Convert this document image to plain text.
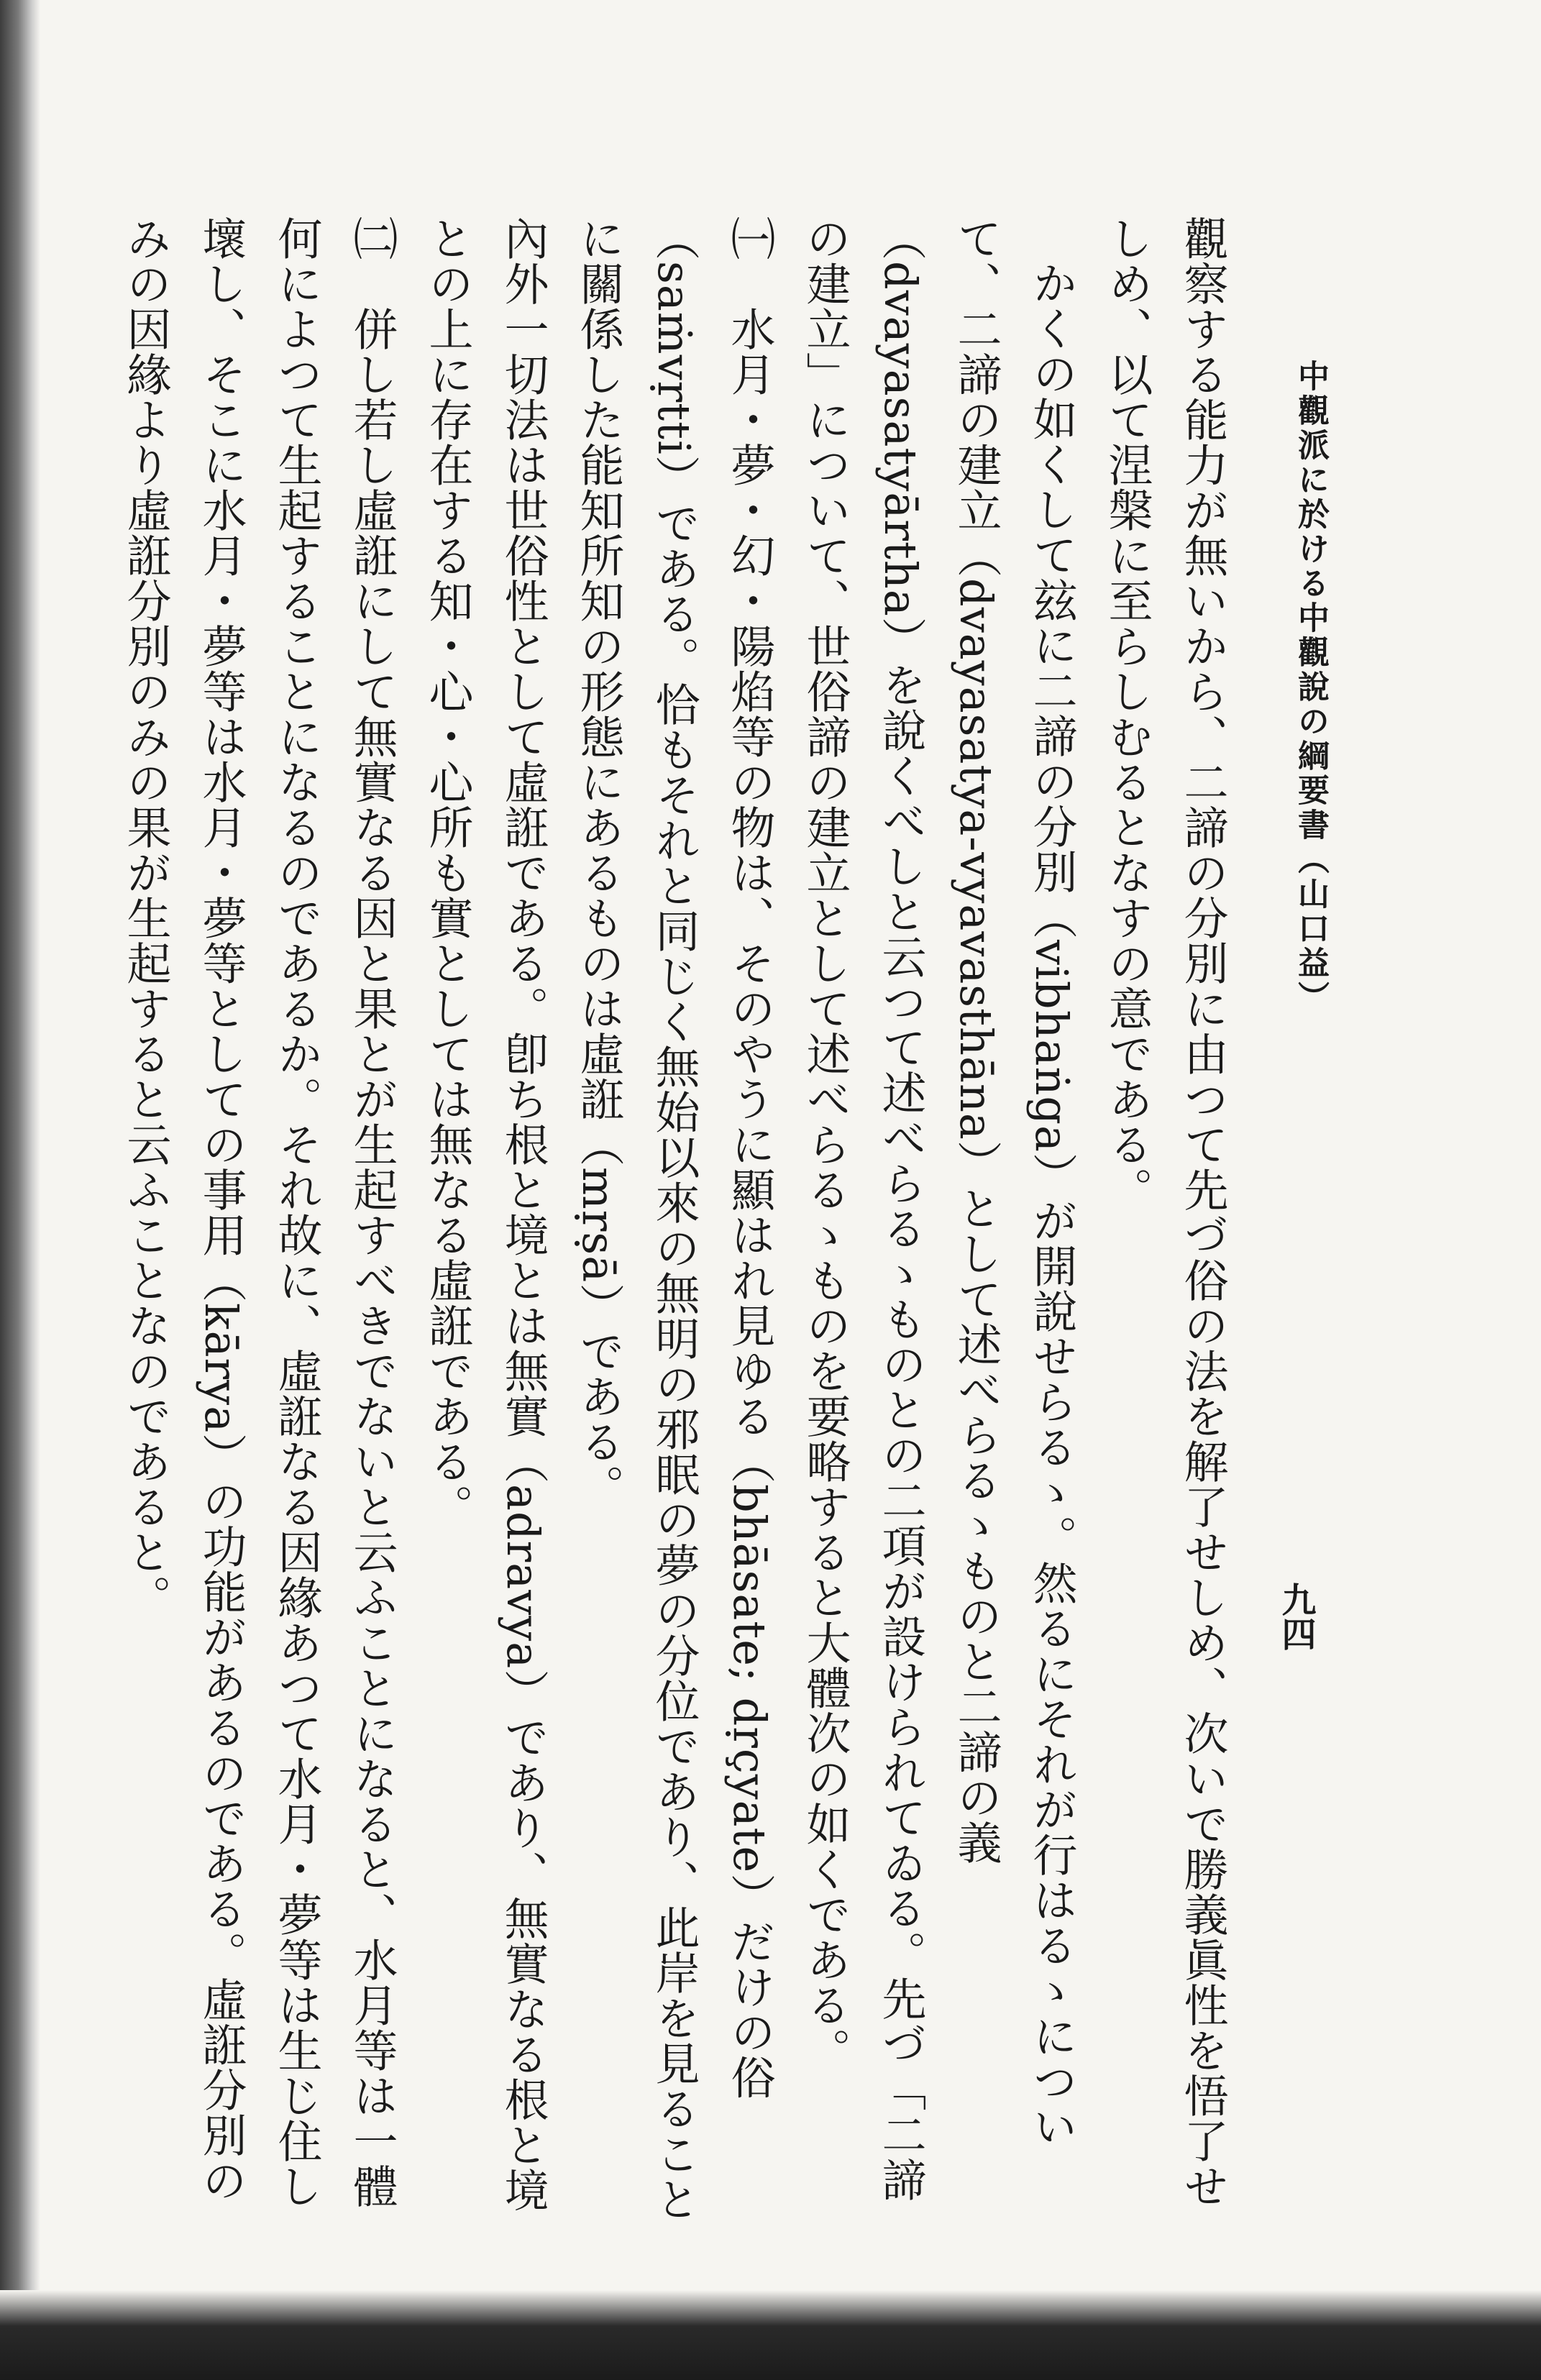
中觀派に於ける中觀說の綱要書（山口益）
九四
觀察する能力が無いから、二諦の分別に由つて先づ俗の法を解了せしめ、次いで勝義眞性を悟了せしめ、以て涅槃に至らしむるとなすの意である。
かくの如くして玆に二諦の分別（vibhaṅga）が開說せらるゝ。然るにそれが行はるゝについて、二諦の建立（dvayasatya-vyavasthāna）として述べらるゝものと二諦の義（dvayasatyārtha）を說くべしと云つて述べらるゝものとの二項が設けられてゐる。先づ「二諦の建立」について、世俗諦の建立として述べらるゝものを要略すると大體次の如くである。
㈠　水月・夢・幻・陽焰等の物は、そのやうに顯はれ見ゆる（bhāsate; dṛçyate）だけの俗（saṁvṛtti）である。恰もそれと同じく無始以來の無明の邪眠の夢の分位であり、此岸を見ることに關係した能知所知の形態にあるものは虛誑（mṛṣā）である。
內外一切法は世俗性として虛誑である。卽ち根と境とは無實（adravya）であり、無實なる根と境との上に存在する知・心・心所も實としては無なる虛誑である。
㈡　併し若し虛誑にして無實なる因と果とが生起すべきでないと云ふことになると、水月等は一體何によつて生起することになるのであるか。それ故に、虛誑なる因緣あつて水月・夢等は生じ住し壞し、そこに水月・夢等は水月・夢等としての事用（kārya）の功能があるのである。虛誑分別のみの因緣より虛誑分別のみの果が生起すると云ふことなのであると。
